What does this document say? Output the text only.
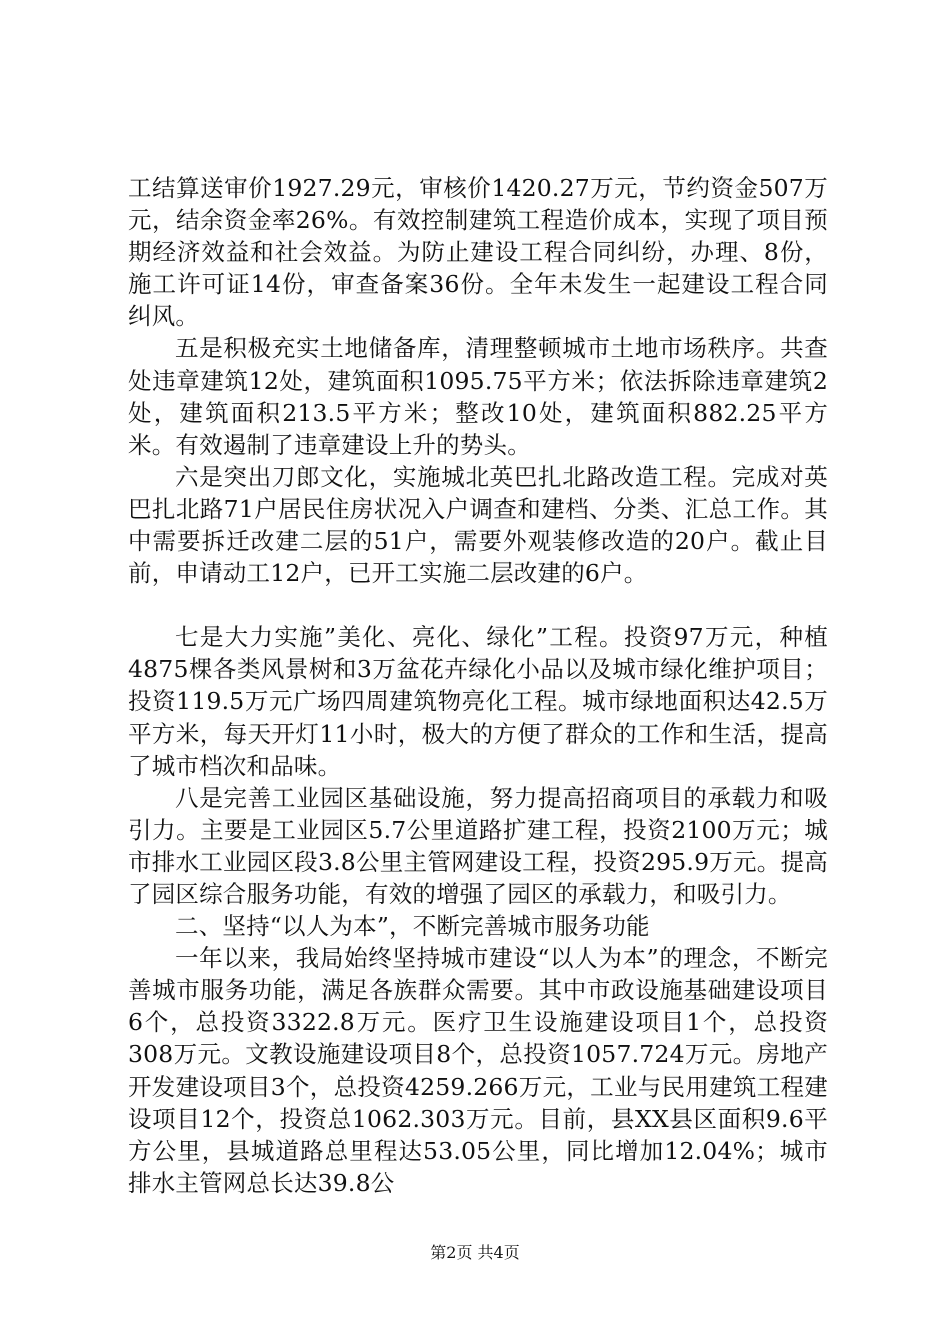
工结算送审价1927.29元，审核价1420.27万元，节约资金507万元，结余资金率26%。有效控制建筑工程造价成本，实现了项目预期经济效益和社会效益。为防止建设工程合同纠纷，办理、8份，施工许可证14份，审查备案36份。全年未发生一起建设工程合同纠风。

五是积极充实土地储备库，清理整顿城市土地市场秩序。共查处违章建筑12处，建筑面积1095.75平方米；依法拆除违章建筑2处，建筑面积213.5平方米；整改10处，建筑面积882.25平方米。有效遏制了违章建设上升的势头。

六是突出刀郎文化，实施城北英巴扎北路改造工程。完成对英巴扎北路71户居民住房状况入户调查和建档、分类、汇总工作。其中需要拆迁改建二层的51户，需要外观装修改造的20户。截止目前，申请动工12户，已开工实施二层改建的6户。

七是大力实施”美化、亮化、绿化”工程。投资97万元，种植4875棵各类风景树和3万盆花卉绿化小品以及城市绿化维护项目；投资119.5万元广场四周建筑物亮化工程。城市绿地面积达42.5万平方米，每天开灯11小时，极大的方便了群众的工作和生活，提高了城市档次和品味。

八是完善工业园区基础设施，努力提高招商项目的承载力和吸引力。主要是工业园区5.7公里道路扩建工程，投资2100万元；城市排水工业园区段3.8公里主管网建设工程，投资295.9万元。提高了园区综合服务功能，有效的增强了园区的承载力，和吸引力。

二、坚持“以人为本”，不断完善城市服务功能

一年以来，我局始终坚持城市建设“以人为本”的理念，不断完善城市服务功能，满足各族群众需要。其中市政设施基础建设项目6个，总投资3322.8万元。医疗卫生设施建设项目1个，总投资308万元。文教设施建设项目8个，总投资1057.724万元。房地产开发建设项目3个，总投资4259.266万元，工业与民用建筑工程建设项目12个，投资总1062.303万元。目前，县XX县区面积9.6平方公里，县城道路总里程达53.05公里，同比增加12.04%；城市排水主管网总长达39.8公

第2页 共4页
